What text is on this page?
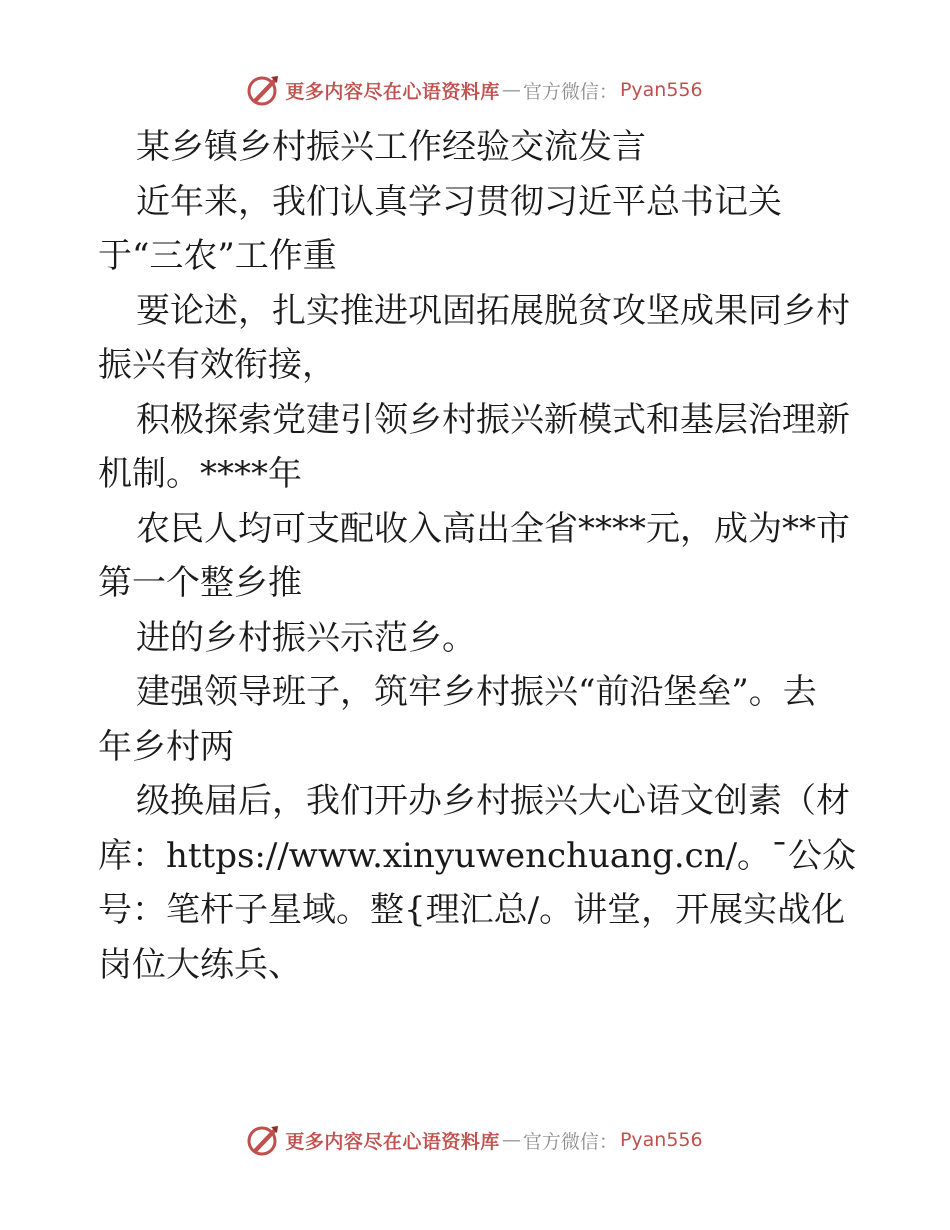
更多内容尽在心语资料库 — 官方微信： Pyan556
某乡镇乡村振兴工作经验交流发言
近年来，我们认真学习贯彻习近平总书记关
于“三农”工作重
要论述，扎实推进巩固拓展脱贫攻坚成果同乡村
振兴有效衔接，
积极探索党建引领乡村振兴新模式和基层治理新
机制。****年
农民人均可支配收入高出全省****元，成为**市
第一个整乡推
进的乡村振兴示范乡。
建强领导班子，筑牢乡村振兴“前沿堡垒”。去
年乡村两
级换届后，我们开办乡村振兴大心语文创素（材
库：https://www.xinyuwenchuang.cn/。¯公众
号：笔杆子星域。整{理汇总/。讲堂，开展实战化
岗位大练兵、
更多内容尽在心语资料库 — 官方微信： Pyan556
